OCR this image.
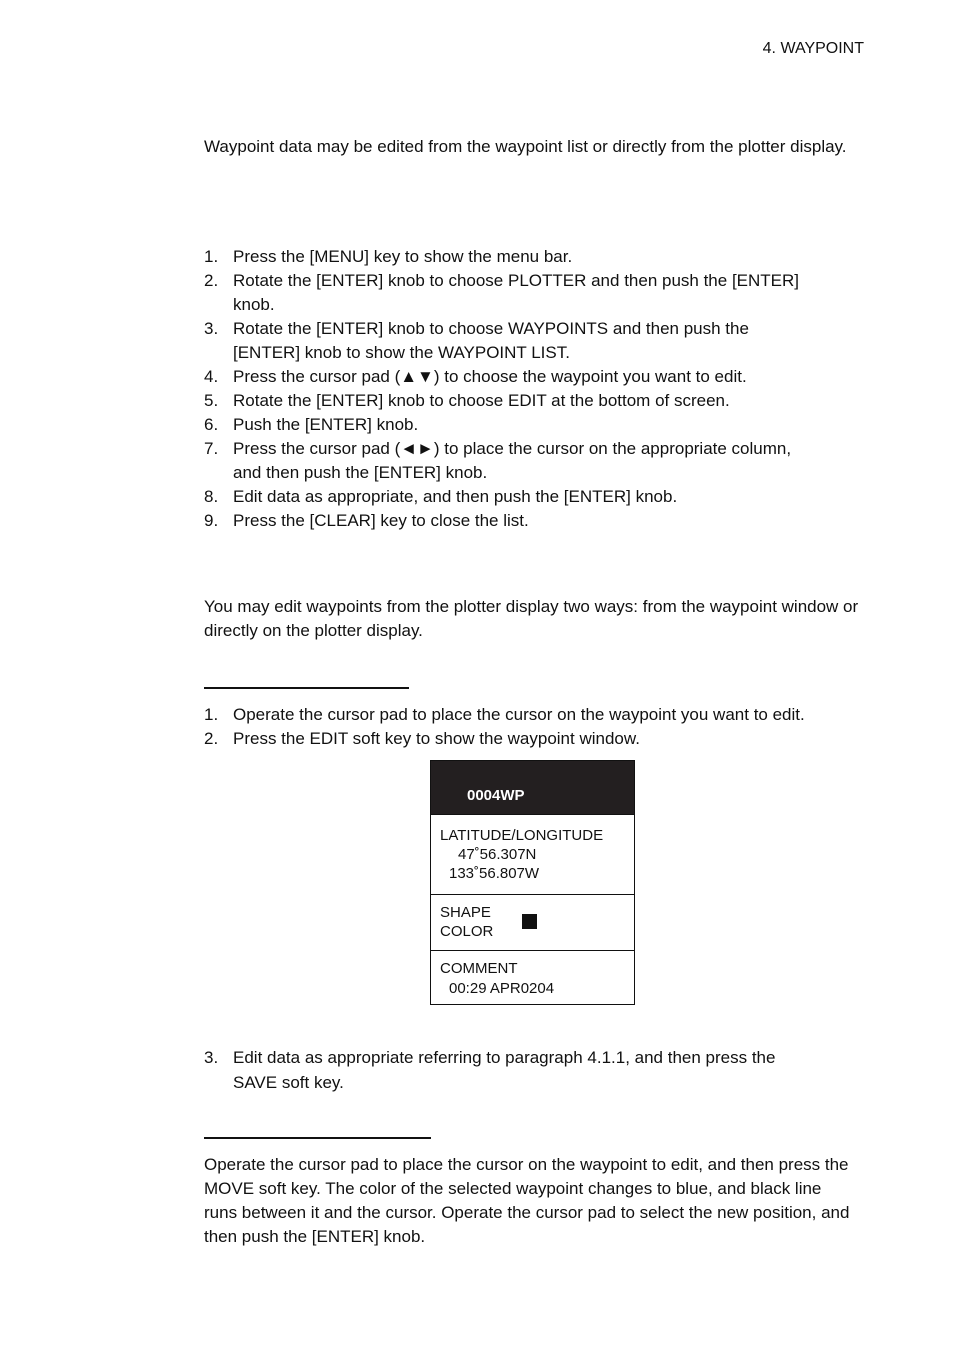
4. WAYPOINT
Waypoint data may be edited from the waypoint list or directly from the plotter display.
1. Press the [MENU] key to show the menu bar.
2. Rotate the [ENTER] knob to choose PLOTTER and then push the [ENTER]
knob.
3. Rotate the [ENTER] knob to choose WAYPOINTS and then push the
[ENTER] knob to show the WAYPOINT LIST.
4. Press the cursor pad (▲▼) to choose the waypoint you want to edit.
5. Rotate the [ENTER] knob to choose EDIT at the bottom of screen.
6. Push the [ENTER] knob.
7. Press the cursor pad (◄►) to place the cursor on the appropriate column,
and then push the [ENTER] knob.
8. Edit data as appropriate, and then push the [ENTER] knob.
9. Press the [CLEAR] key to close the list.
You may edit waypoints from the plotter display two ways: from the waypoint window or directly on the plotter display.
1. Operate the cursor pad to place the cursor on the waypoint you want to edit.
2. Press the EDIT soft key to show the waypoint window.
0004WP
LATITUDE/LONGITUDE
47˚56.307N
133˚56.807W
SHAPE
COLOR
COMMENT
00:29 APR0204
3. Edit data as appropriate referring to paragraph 4.1.1, and then press the
SAVE soft key.
Operate the cursor pad to place the cursor on the waypoint to edit, and then press the MOVE soft key. The color of the selected waypoint changes to blue, and black line runs between it and the cursor. Operate the cursor pad to select the new position, and then push the [ENTER] knob.
